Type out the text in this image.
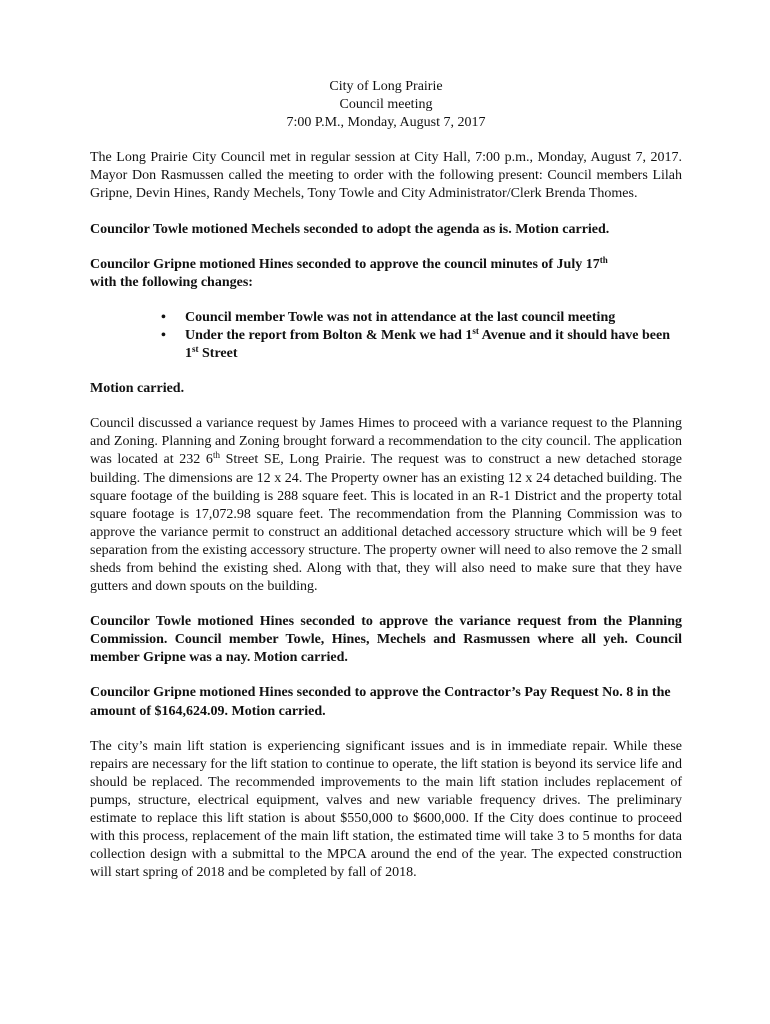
City of Long Prairie
Council meeting
7:00 P.M., Monday, August 7, 2017

The Long Prairie City Council met in regular session at City Hall, 7:00 p.m., Monday, August 7, 2017. Mayor Don Rasmussen called the meeting to order with the following present: Council members Lilah Gripne, Devin Hines, Randy Mechels, Tony Towle and City Administrator/Clerk Brenda Thomes.

Councilor Towle motioned Mechels seconded to adopt the agenda as is. Motion carried.

Councilor Gripne motioned Hines seconded to approve the council minutes of July 17th
with the following changes:

• Council member Towle was not in attendance at the last council meeting
• Under the report from Bolton & Menk we had 1st Avenue and it should have been 1st Street

Motion carried.

Council discussed a variance request by James Himes to proceed with a variance request to the Planning and Zoning. Planning and Zoning brought forward a recommendation to the city council. The application was located at 232 6th Street SE, Long Prairie. The request was to construct a new detached storage building. The dimensions are 12 x 24. The Property owner has an existing 12 x 24 detached building. The square footage of the building is 288 square feet. This is located in an R-1 District and the property total square footage is 17,072.98 square feet. The recommendation from the Planning Commission was to approve the variance permit to construct an additional detached accessory structure which will be 9 feet separation from the existing accessory structure. The property owner will need to also remove the 2 small sheds from behind the existing shed. Along with that, they will also need to make sure that they have gutters and down spouts on the building.

Councilor Towle motioned Hines seconded to approve the variance request from the Planning Commission. Council member Towle, Hines, Mechels and Rasmussen where all yeh. Council member Gripne was a nay. Motion carried.

Councilor Gripne motioned Hines seconded to approve the Contractor’s Pay Request No. 8 in the amount of $164,624.09. Motion carried.

The city’s main lift station is experiencing significant issues and is in immediate repair. While these repairs are necessary for the lift station to continue to operate, the lift station is beyond its service life and should be replaced. The recommended improvements to the main lift station includes replacement of pumps, structure, electrical equipment, valves and new variable frequency drives. The preliminary estimate to replace this lift station is about $550,000 to $600,000. If the City does continue to proceed with this process, replacement of the main lift station, the estimated time will take 3 to 5 months for data collection design with a submittal to the MPCA around the end of the year. The expected construction will start spring of 2018 and be completed by fall of 2018.
